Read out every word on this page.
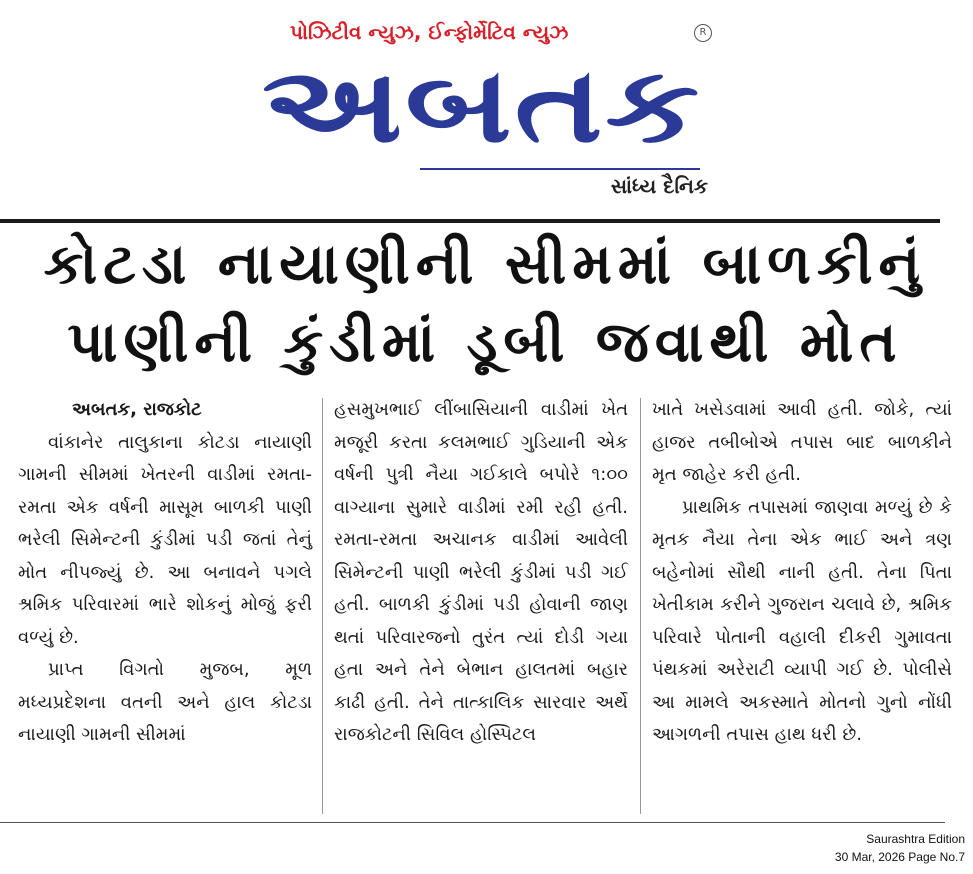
પોઝિટીવ ન્યુઝ, ઈન્ફોર્મેટિવ ન્યુઝ	R
અબતક
સાંધ્ય દૈનિક
કોટડા નાયાણીની સીમમાં બાળકીનું
પાણીની કુંડીમાં ડૂબી જવાથી મોત

અબતક, રાજકોટ

વાંકાનેર તાલુકાના કોટડા નાયાણી ગામની સીમમાં ખેતરની વાડીમાં રમતા-રમતા એક વર્ષની માસૂમ બાળકી પાણી ભરેલી સિમેન્ટની કુંડીમાં પડી જતાં તેનું મોત નીપજ્યું છે. આ બનાવને પગલે શ્રમિક પરિવારમાં ભારે શોકનું મોજું ફરી વળ્યું છે.

પ્રાપ્ત વિગતો મુજબ, મૂળ મધ્યપ્રદેશના વતની અને હાલ કોટડા નાયાણી ગામની સીમમાં

હસમુખભાઈ લીંબાસિયાની વાડીમાં ખેત મજૂરી કરતા કલમભાઈ ગુડિયાની એક વર્ષની પુત્રી નૈયા ગઈકાલે બપોરે ૧:૦૦ વાગ્યાના સુમારે વાડીમાં રમી રહી હતી. રમતા-રમતા અચાનક વાડીમાં આવેલી સિમેન્ટની પાણી ભરેલી કુંડીમાં પડી ગઈ હતી. બાળકી કુંડીમાં પડી હોવાની જાણ થતાં પરિવારજનો તુરંત ત્યાં દોડી ગયા હતા અને તેને બેભાન હાલતમાં બહાર કાઢી હતી. તેને તાત્કાલિક સારવાર અર્થે રાજકોટની સિવિલ હોસ્પિટલ

ખાતે ખસેડવામાં આવી હતી. જોકે, ત્યાં હાજર તબીબોએ તપાસ બાદ બાળકીને મૃત જાહેર કરી હતી.

પ્રાથમિક તપાસમાં જાણવા મળ્યું છે કે મૃતક નૈયા તેના એક ભાઈ અને ત્રણ બહેનોમાં સૌથી નાની હતી. તેના પિતા ખેતીકામ કરીને ગુજરાન ચલાવે છે, શ્રમિક પરિવારે પોતાની વહાલી દીકરી ગુમાવતા પંથકમાં અરેરાટી વ્યાપી ગઈ છે. પોલીસે આ મામલે અકસ્માતે મોતનો ગુનો નોંધી આગળની તપાસ હાથ ધરી છે.

Saurashtra Edition
30 Mar, 2026 Page No.7
